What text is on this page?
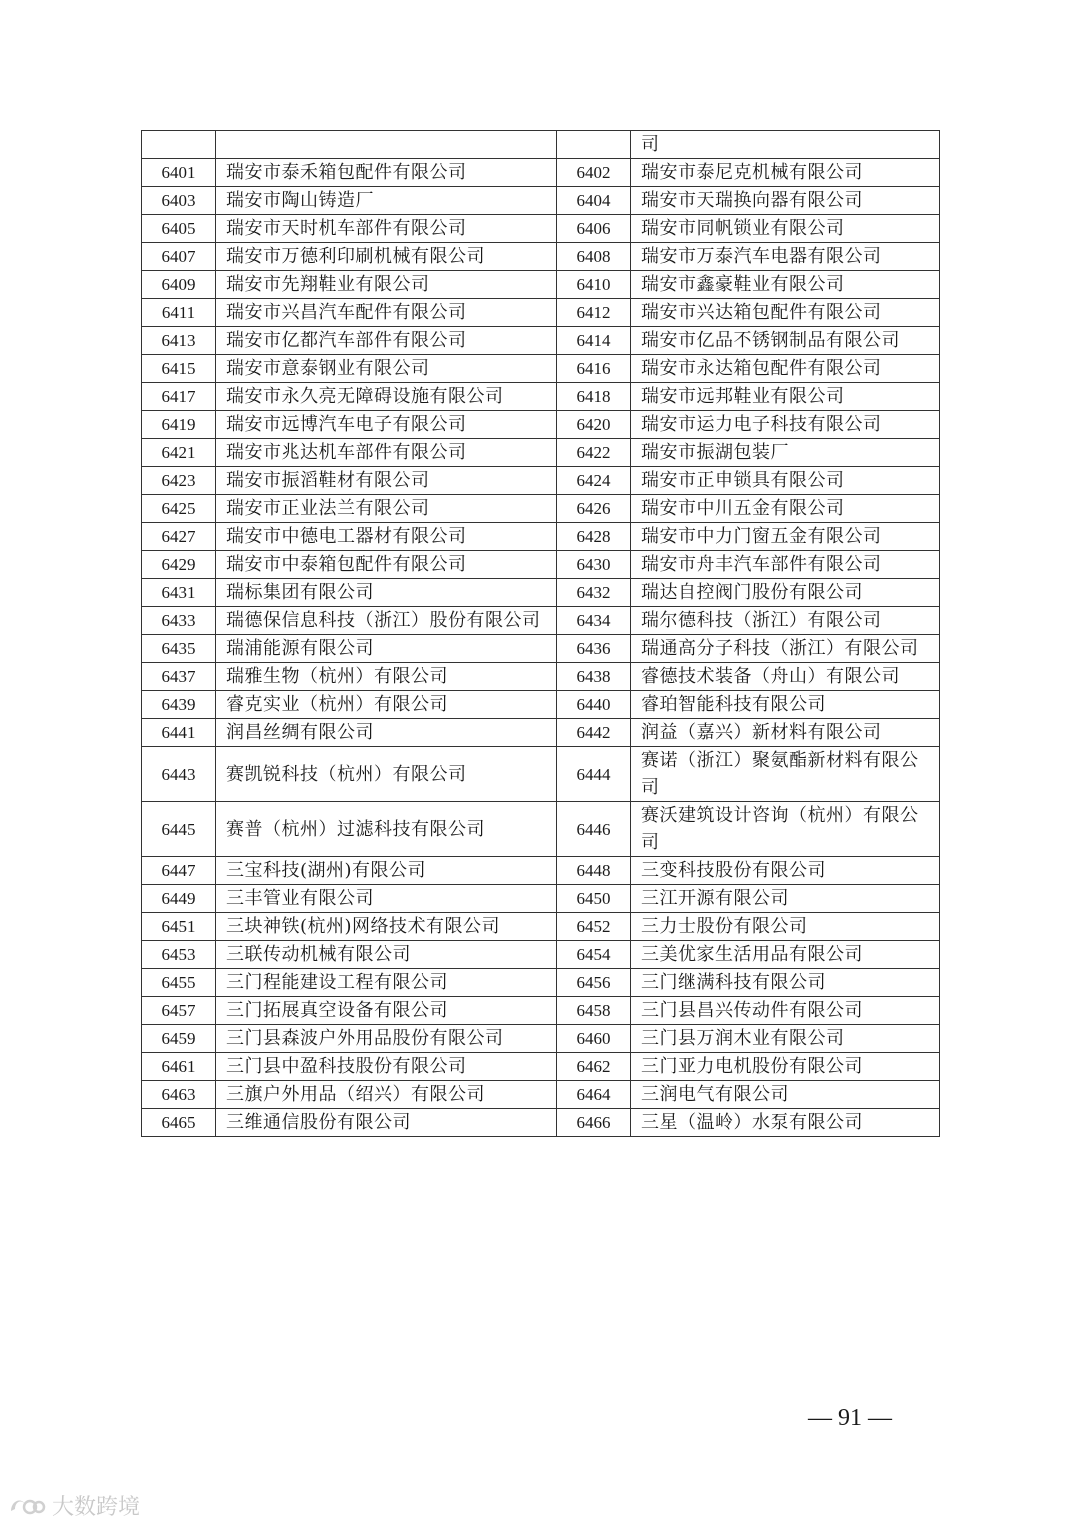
			司
6401	瑞安市泰禾箱包配件有限公司	6402	瑞安市泰尼克机械有限公司
6403	瑞安市陶山铸造厂	6404	瑞安市天瑞换向器有限公司
6405	瑞安市天时机车部件有限公司	6406	瑞安市同帆锁业有限公司
6407	瑞安市万德利印刷机械有限公司	6408	瑞安市万泰汽车电器有限公司
6409	瑞安市先翔鞋业有限公司	6410	瑞安市鑫豪鞋业有限公司
6411	瑞安市兴昌汽车配件有限公司	6412	瑞安市兴达箱包配件有限公司
6413	瑞安市亿都汽车部件有限公司	6414	瑞安市亿品不锈钢制品有限公司
6415	瑞安市意泰钢业有限公司	6416	瑞安市永达箱包配件有限公司
6417	瑞安市永久亮无障碍设施有限公司	6418	瑞安市远邦鞋业有限公司
6419	瑞安市远博汽车电子有限公司	6420	瑞安市运力电子科技有限公司
6421	瑞安市兆达机车部件有限公司	6422	瑞安市振湖包装厂
6423	瑞安市振滔鞋材有限公司	6424	瑞安市正申锁具有限公司
6425	瑞安市正业法兰有限公司	6426	瑞安市中川五金有限公司
6427	瑞安市中德电工器材有限公司	6428	瑞安市中力门窗五金有限公司
6429	瑞安市中泰箱包配件有限公司	6430	瑞安市舟丰汽车部件有限公司
6431	瑞标集团有限公司	6432	瑞达自控阀门股份有限公司
6433	瑞德保信息科技（浙江）股份有限公司	6434	瑞尔德科技（浙江）有限公司
6435	瑞浦能源有限公司	6436	瑞通高分子科技（浙江）有限公司
6437	瑞雅生物（杭州）有限公司	6438	睿德技术装备（舟山）有限公司
6439	睿克实业（杭州）有限公司	6440	睿珀智能科技有限公司
6441	润昌丝绸有限公司	6442	润益（嘉兴）新材料有限公司
6443	赛凯锐科技（杭州）有限公司	6444	赛诺（浙江）聚氨酯新材料有限公司
6445	赛普（杭州）过滤科技有限公司	6446	赛沃建筑设计咨询（杭州）有限公司
6447	三宝科技(湖州)有限公司	6448	三变科技股份有限公司
6449	三丰管业有限公司	6450	三江开源有限公司
6451	三块神铁(杭州)网络技术有限公司	6452	三力士股份有限公司
6453	三联传动机械有限公司	6454	三美优家生活用品有限公司
6455	三门程能建设工程有限公司	6456	三门继满科技有限公司
6457	三门拓展真空设备有限公司	6458	三门县昌兴传动件有限公司
6459	三门县森波户外用品股份有限公司	6460	三门县万润木业有限公司
6461	三门县中盈科技股份有限公司	6462	三门亚力电机股份有限公司
6463	三旗户外用品（绍兴）有限公司	6464	三润电气有限公司
6465	三维通信股份有限公司	6466	三星（温岭）水泵有限公司
— 91 —
大数跨境
